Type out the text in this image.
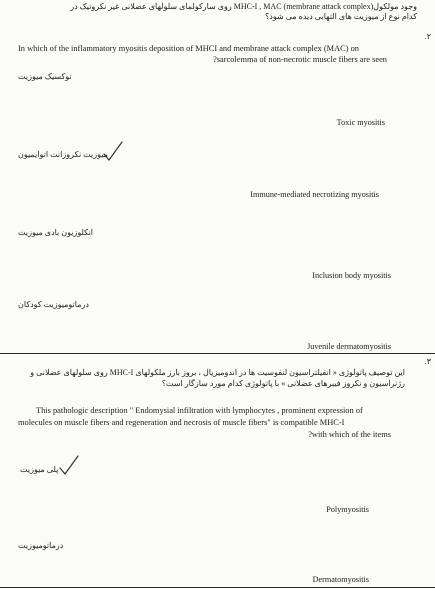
وجود مولکول(membrane attack complex) MHC-I , MAC روی سارکولمای سلولهای عضلانی غیر نکروتیک در
کدام نوع از میوزیت های التهابی دیده می شود؟
.۲
In which of the inflammatory myositis deposition of MHCI and membrane attack complex (MAC) on
?sarcolemma of non-necrotic muscle fibers are seen
توکسیک میوزیت
Toxic myositis
میوزیت نکروزانت اتوایمیون
Immune-mediated necrotizing myositis
انکلوزیون بادی میوزیت
Inclusion body myositis
درماتومیوزیت کودکان
Juvenile dermatomyositis
.۳
این توصیف پاتولوژی « انفیلتراسیون لنفوسیت ها در اندومیزیال ، بروز بارز ملکولهای MHC-I روی سلولهای عضلانی و
رژنراسیون و نکروز فیبرهای عضلانی » با پاتولوژی کدام مورد سازگار است؟
This pathologic description " Endomysial infiltration with lymphocytes , prominent expression of
molecules on muscle fibers and regeneration and necrosis of muscle fibers" is compatible MHC-I
?with which of the items
پلی میوزیت
Polymyositis
درماتومیوزیت
Dermatomyositis
